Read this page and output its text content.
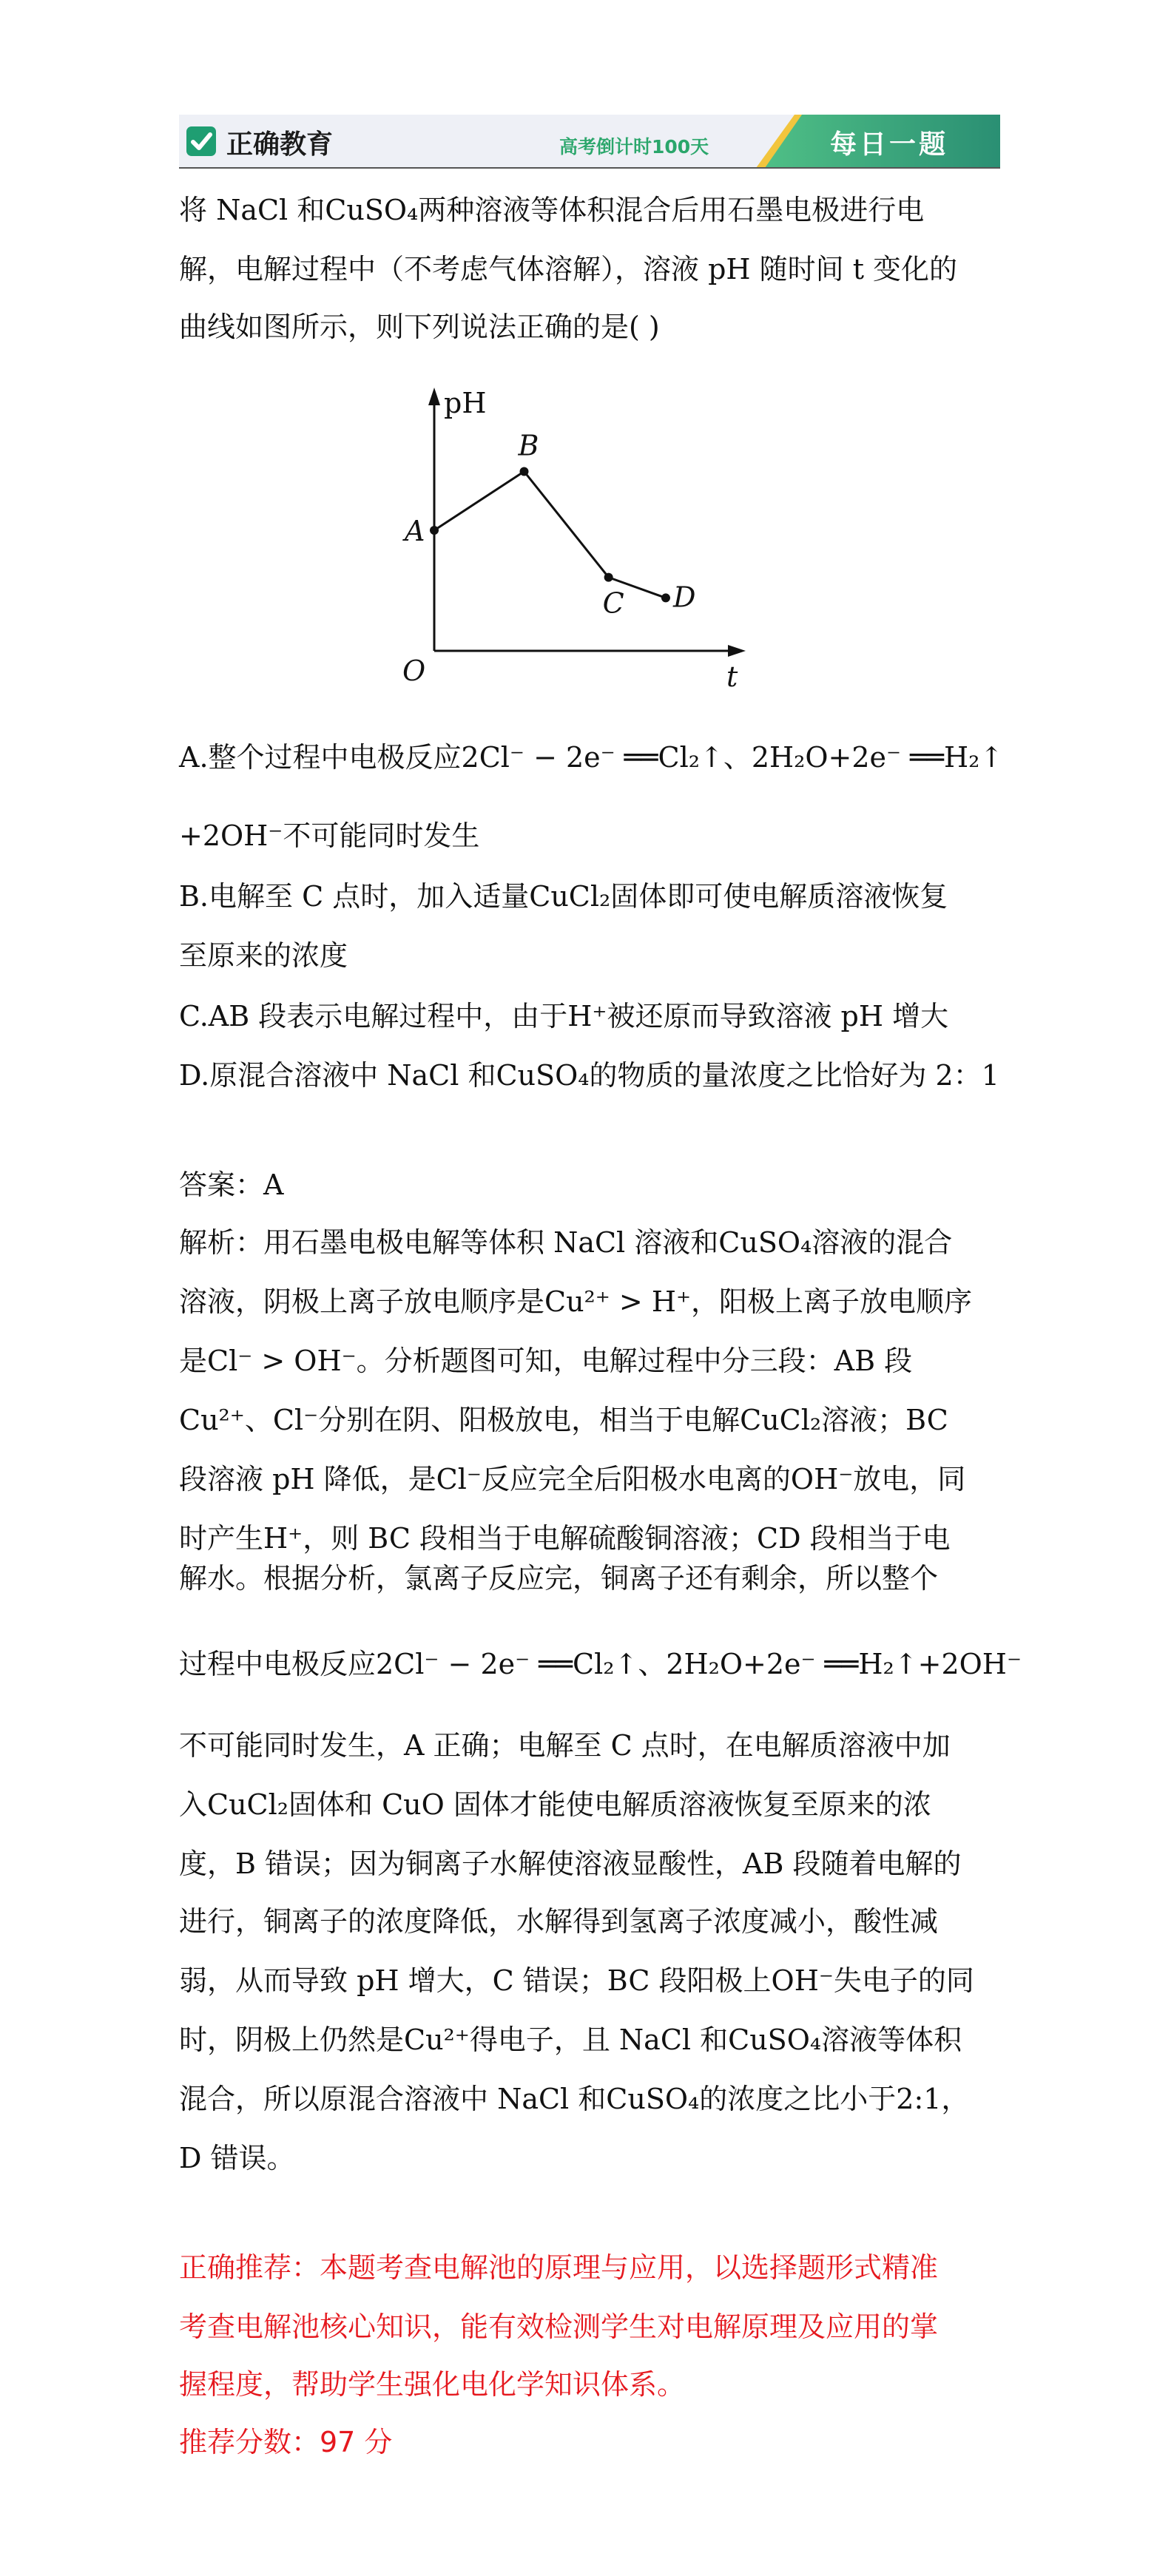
正确教育	高考倒计时100天	每日一题
将 NaCl 和CuSO₄两种溶液等体积混合后用石墨电极进行电
解，电解过程中（不考虑气体溶解），溶液 pH 随时间 t 变化的
曲线如图所示，则下列说法正确的是( )
pH
t
O
A
B
C D
A.整个过程中电极反应2Cl⁻ − 2e⁻ ══Cl₂↑、2H₂O+2e⁻ ══H₂↑
+2OH⁻不可能同时发生
B.电解至 C 点时，加入适量CuCl₂固体即可使电解质溶液恢复
至原来的浓度
C.AB 段表示电解过程中，由于H⁺被还原而导致溶液 pH 增大
D.原混合溶液中 NaCl 和CuSO₄的物质的量浓度之比恰好为 2：1
答案：A
解析：用石墨电极电解等体积 NaCl 溶液和CuSO₄溶液的混合
溶液，阴极上离子放电顺序是Cu²⁺ > H⁺，阳极上离子放电顺序
是Cl⁻ > OH⁻。分析题图可知，电解过程中分三段：AB 段
Cu²⁺、Cl⁻分别在阴、阳极放电，相当于电解CuCl₂溶液；BC
段溶液 pH 降低，是Cl⁻反应完全后阳极水电离的OH⁻放电，同
时产生H⁺，则 BC 段相当于电解硫酸铜溶液；CD 段相当于电
解水。根据分析，氯离子反应完，铜离子还有剩余，所以整个
过程中电极反应2Cl⁻ − 2e⁻ ══Cl₂↑、2H₂O+2e⁻ ══H₂↑+2OH⁻
不可能同时发生，A 正确；电解至 C 点时，在电解质溶液中加
入CuCl₂固体和 CuO 固体才能使电解质溶液恢复至原来的浓
度，B 错误；因为铜离子水解使溶液显酸性，AB 段随着电解的
进行，铜离子的浓度降低，水解得到氢离子浓度减小，酸性减
弱，从而导致 pH 增大，C 错误；BC 段阳极上OH⁻失电子的同
时，阴极上仍然是Cu²⁺得电子，且 NaCl 和CuSO₄溶液等体积
混合，所以原混合溶液中 NaCl 和CuSO₄的浓度之比小于2:1，
D 错误。
正确推荐：本题考查电解池的原理与应用，以选择题形式精准
考查电解池核心知识，能有效检测学生对电解原理及应用的掌
握程度，帮助学生强化电化学知识体系。
推荐分数：97 分
